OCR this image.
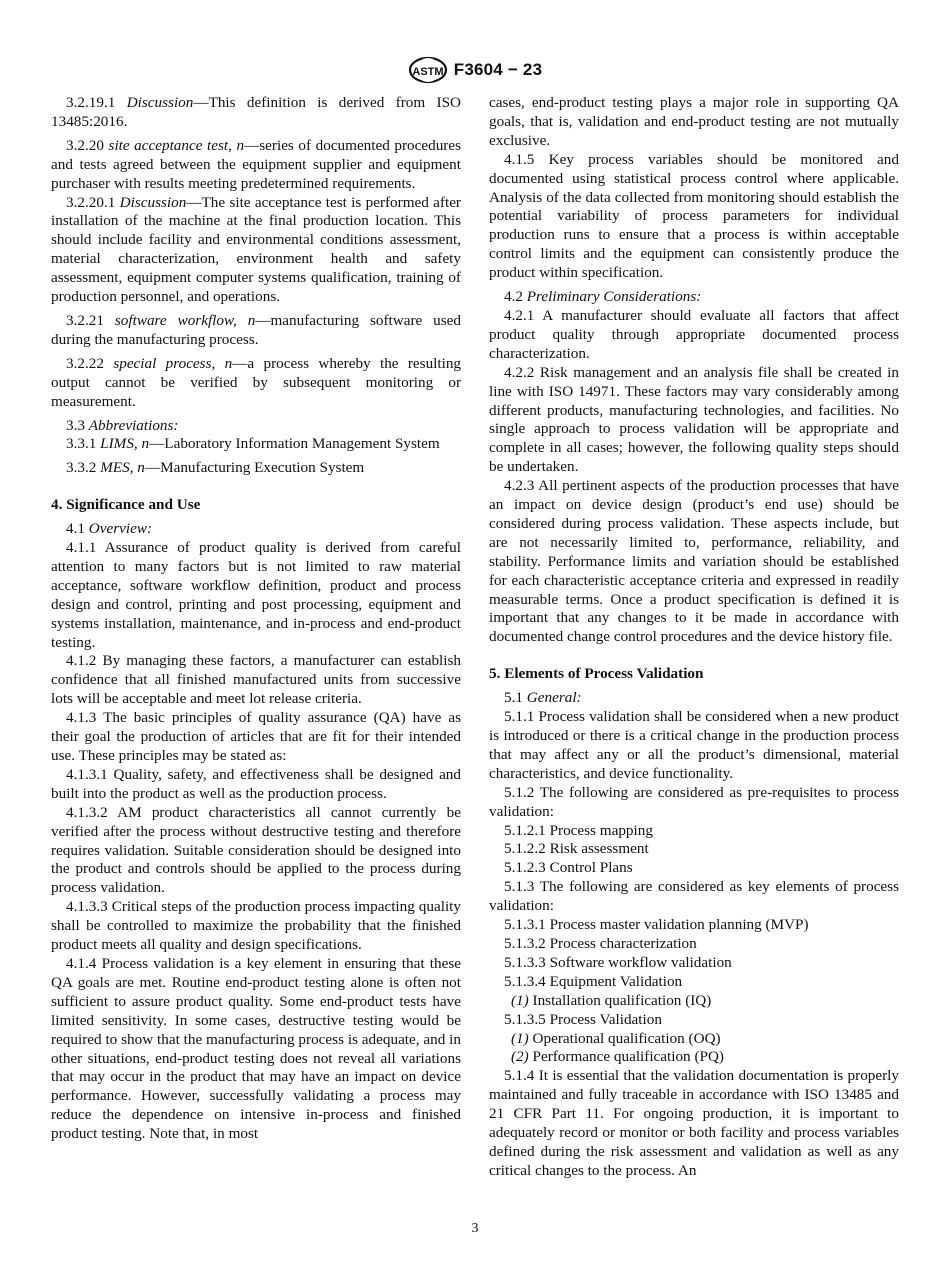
ASTM F3604 − 23

3.2.19.1 Discussion—This definition is derived from ISO 13485:2016.

3.2.20 site acceptance test, n—series of documented procedures and tests agreed between the equipment supplier and equipment purchaser with results meeting predetermined requirements.

3.2.20.1 Discussion—The site acceptance test is performed after installation of the machine at the final production location. This should include facility and environmental conditions assessment, material characterization, environment health and safety assessment, equipment computer systems qualification, training of production personnel, and operations.

3.2.21 software workflow, n—manufacturing software used during the manufacturing process.

3.2.22 special process, n—a process whereby the resulting output cannot be verified by subsequent monitoring or measurement.

3.3 Abbreviations:

3.3.1 LIMS, n—Laboratory Information Management System

3.3.2 MES, n—Manufacturing Execution System

4. Significance and Use

4.1 Overview:

4.1.1 Assurance of product quality is derived from careful attention to many factors but is not limited to raw material acceptance, software workflow definition, product and process design and control, printing and post processing, equipment and systems installation, maintenance, and in-process and end-product testing.

4.1.2 By managing these factors, a manufacturer can establish confidence that all finished manufactured units from successive lots will be acceptable and meet lot release criteria.

4.1.3 The basic principles of quality assurance (QA) have as their goal the production of articles that are fit for their intended use. These principles may be stated as:

4.1.3.1 Quality, safety, and effectiveness shall be designed and built into the product as well as the production process.

4.1.3.2 AM product characteristics all cannot currently be verified after the process without destructive testing and therefore requires validation. Suitable consideration should be designed into the product and controls should be applied to the process during process validation.

4.1.3.3 Critical steps of the production process impacting quality shall be controlled to maximize the probability that the finished product meets all quality and design specifications.

4.1.4 Process validation is a key element in ensuring that these QA goals are met. Routine end-product testing alone is often not sufficient to assure product quality. Some end-product tests have limited sensitivity. In some cases, destructive testing would be required to show that the manufacturing process is adequate, and in other situations, end-product testing does not reveal all variations that may occur in the product that may have an impact on device performance. However, successfully validating a process may reduce the dependence on intensive in-process and finished product testing. Note that, in most

cases, end-product testing plays a major role in supporting QA goals, that is, validation and end-product testing are not mutually exclusive.

4.1.5 Key process variables should be monitored and documented using statistical process control where applicable. Analysis of the data collected from monitoring should establish the potential variability of process parameters for individual production runs to ensure that a process is within acceptable control limits and the equipment can consistently produce the product within specification.

4.2 Preliminary Considerations:

4.2.1 A manufacturer should evaluate all factors that affect product quality through appropriate documented process characterization.

4.2.2 Risk management and an analysis file shall be created in line with ISO 14971. These factors may vary considerably among different products, manufacturing technologies, and facilities. No single approach to process validation will be appropriate and complete in all cases; however, the following quality steps should be undertaken.

4.2.3 All pertinent aspects of the production processes that have an impact on device design (product’s end use) should be considered during process validation. These aspects include, but are not necessarily limited to, performance, reliability, and stability. Performance limits and variation should be established for each characteristic acceptance criteria and expressed in readily measurable terms. Once a product specification is defined it is important that any changes to it be made in accordance with documented change control procedures and the device history file.

5. Elements of Process Validation

5.1 General:

5.1.1 Process validation shall be considered when a new product is introduced or there is a critical change in the production process that may affect any or all the product’s dimensional, material characteristics, and device functionality.

5.1.2 The following are considered as pre-requisites to process validation:

5.1.2.1 Process mapping

5.1.2.2 Risk assessment

5.1.2.3 Control Plans

5.1.3 The following are considered as key elements of process validation:

5.1.3.1 Process master validation planning (MVP)

5.1.3.2 Process characterization

5.1.3.3 Software workflow validation

5.1.3.4 Equipment Validation

(1) Installation qualification (IQ)

5.1.3.5 Process Validation

(1) Operational qualification (OQ)

(2) Performance qualification (PQ)

5.1.4 It is essential that the validation documentation is properly maintained and fully traceable in accordance with ISO 13485 and 21 CFR Part 11. For ongoing production, it is important to adequately record or monitor or both facility and process variables defined during the risk assessment and validation as well as any critical changes to the process. An

3
